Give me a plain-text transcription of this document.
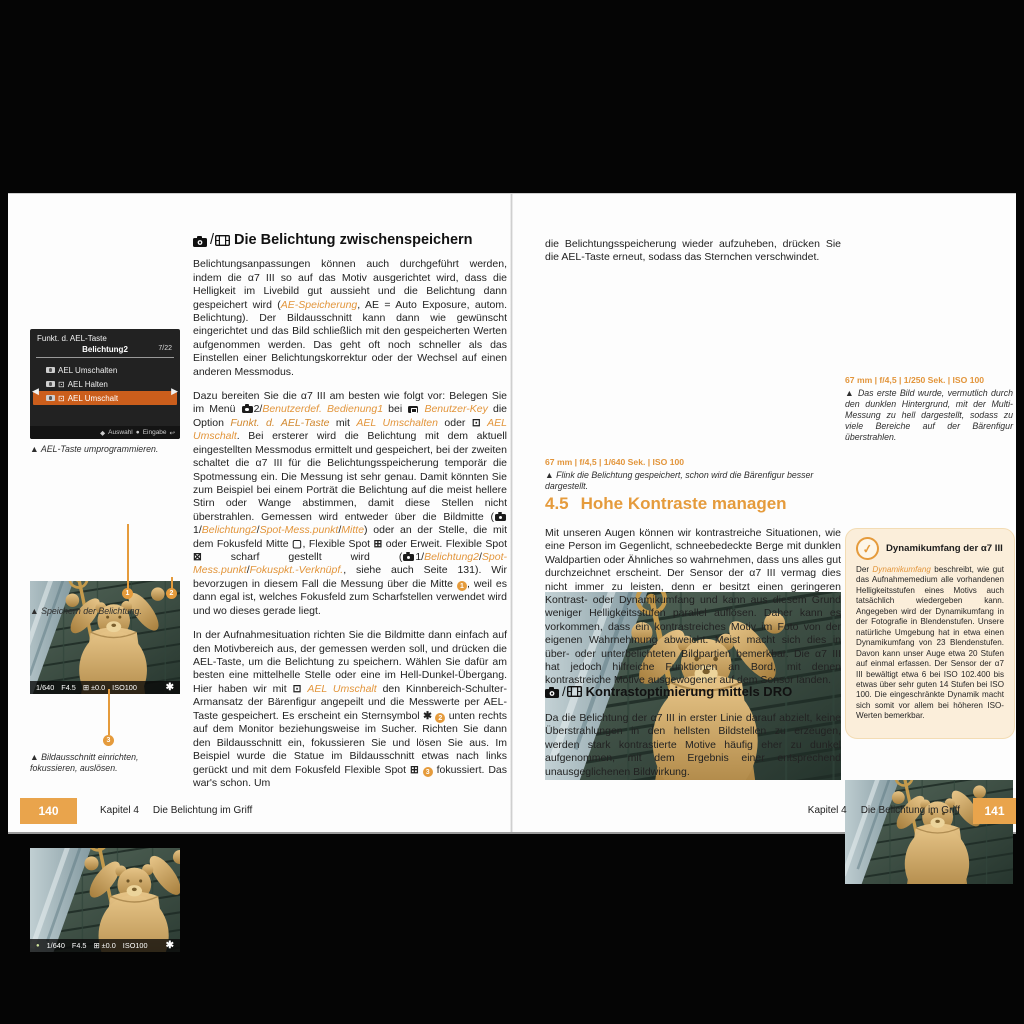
Funkt. d. AEL-Taste
Belichtung2	7/22
AEL Umschalten
⊡ AEL Halten
⊡ AEL Umschalt
◀	▶
◆ Auswahl ● Eingabe ↩
▲ AEL-Taste umprogrammieren.
1/640 F4.5 ⊞ ±0.0 ISO100	✱
1	2
▲ Speichern der Belichtung.
● 1/640 F4.5 ⊞ ±0.0 ISO100 ✱
3
▲ Bildausschnitt einrichten, fokussieren, auslösen.
/ Die Belichtung zwischenspeichern

Belichtungsanpassungen können auch durchgeführt werden, indem die α7 III so auf das Motiv ausgerichtet wird, dass die Helligkeit im Livebild gut aussieht und die Belichtung dann gespeichert wird (AE-Speicherung, AE = Auto Exposure, autom. Belichtung). Der Bildausschnitt kann dann wie gewünscht eingerichtet und das Bild schließlich mit den gespeicherten Werten aufgenommen werden. Das geht oft noch schneller als das Einstellen einer Belichtungskorrektur oder der Wechsel auf einen anderen Messmodus.

Dazu bereiten Sie die α7 III am besten wie folgt vor: Belegen Sie im Menü 2/Benutzerdef. Bedienung1 bei  Benutzer-Key die Option Funkt. d. AEL-Taste mit AEL Umschalten oder ⊡ AEL Umschalt. Bei ersterer wird die Belichtung mit dem aktuell eingestellten Messmodus ermittelt und gespeichert, bei der zweiten schaltet die α7 III für die Belichtungsspeicherung temporär die Spotmessung ein. Die Messung ist sehr genau. Damit könnten Sie zum Beispiel bei einem Porträt die Belichtung auf die meist hellere Stirn oder Wange abstimmen, damit diese Stellen nicht überstrahlen. Gemessen wird entweder über die Bildmitte (1/Belichtung2/Spot-Mess.punkt/Mitte) oder an der Stelle, die mit dem Fokusfeld Mitte ▢, Flexible Spot ⊞ oder Erweit. Flexible Spot ⊠ scharf gestellt wird ( 1/Belichtung2/Spot-Mess.punkt/Fokuspkt.-Verknüpf., siehe auch Seite 131). Wir bevorzugen in diesem Fall die Messung über die Mitte 1 , weil es dann egal ist, welches Fokusfeld zum Scharfstellen verwendet wird und wo dieses gerade liegt.

In der Aufnahmesituation richten Sie die Bildmitte dann einfach auf den Motivbereich aus, der gemessen werden soll, und drücken die AEL-Taste, um die Belichtung zu speichern. Wählen Sie dafür am besten eine mittelhelle Stelle oder eine im Hell-Dunkel-Übergang. Hier haben wir mit ⊡ AEL Umschalt den Kinnbereich-Schulter-Armansatz der Bärenfigur angepeilt und die Messwerte per AEL-Taste gespeichert. Es erscheint ein Sternsymbol ✱ 2 unten rechts auf dem Monitor beziehungsweise im Sucher. Richten Sie dann den Bildausschnitt ein, fokussieren Sie und lösen Sie aus. Im Beispiel wurde die Statue im Bildausschnitt etwas nach links gerückt und mit dem Fokusfeld Flexible Spot ⊞ 3 fokussiert. Das war's schon. Um

140	Kapitel 4 Die Belichtung im Griff

die Belichtungsspeicherung wieder aufzuheben, drücken Sie die AEL-Taste erneut, sodass das Sternchen verschwindet.

67 mm | f/4,5 | 1/640 Sek. | ISO 100
▲ Flink die Belichtung gespeichert, schon wird die Bärenfigur besser dargestellt.
67 mm | f/4,5 | 1/250 Sek. | ISO 100
▲ Das erste Bild wurde, vermutlich durch den dunklen Hintergrund, mit der Multi-Messung zu hell dargestellt, sodass zu viele Bereiche auf der Bärenfigur überstrahlen.
4.5 Hohe Kontraste managen

Mit unseren Augen können wir kontrastreiche Situationen, wie eine Person im Gegenlicht, schneebedeckte Berge mit dunklen Waldpartien oder Ähnliches so wahrnehmen, dass uns alles gut durchzeichnet erscheint. Der Sensor der α7 III vermag dies nicht immer zu leisten, denn er besitzt einen geringeren Kontrast- oder Dynamikumfang und kann aus diesem Grund weniger Helligkeitsstufen parallel auflösen. Daher kann es vorkommen, dass ein kontrastreiches Motiv im Foto von der eigenen Wahrnehmung abweicht. Meist macht sich dies in über- oder unterbelichteten Bildpartien bemerkbar. Die α7 III hat jedoch hilfreiche Funktionen an Bord, mit denen kontrastreiche Motive ausgewogener auf dem Sensor landen.

/ Kontrastoptimierung mittels DRO

Da die Belichtung der α7 III in erster Linie darauf abzielt, keine Überstrahlungen in den hellsten Bildstellen zu erzeugen, werden stark kontrastierte Motive häufig eher zu dunkel aufgenommen, mit dem Ergebnis einer entsprechend unausgeglichenen Bildwirkung.

✓	Dynamikumfang der α7 III
Der Dynamikumfang beschreibt, wie gut das Aufnahmemedium alle vorhandenen Helligkeitsstufen eines Motivs auch tatsächlich wiedergeben kann. Angegeben wird der Dynamikumfang in der Fotografie in Blendenstufen. Unsere natürliche Umgebung hat in etwa einen Dynamikumfang von 23 Blendenstufen. Davon kann unser Auge etwa 20 Stufen auf einmal erfassen. Der Sensor der α7 III bewältigt etwa 6 bei ISO 102.400 bis etwas über sehr guten 14 Stufen bei ISO 100. Die eingeschränkte Dynamik macht sich somit vor allem bei höheren ISO-Werten bemerkbar.
Kapitel 4 Die Belichtung im Griff	141
